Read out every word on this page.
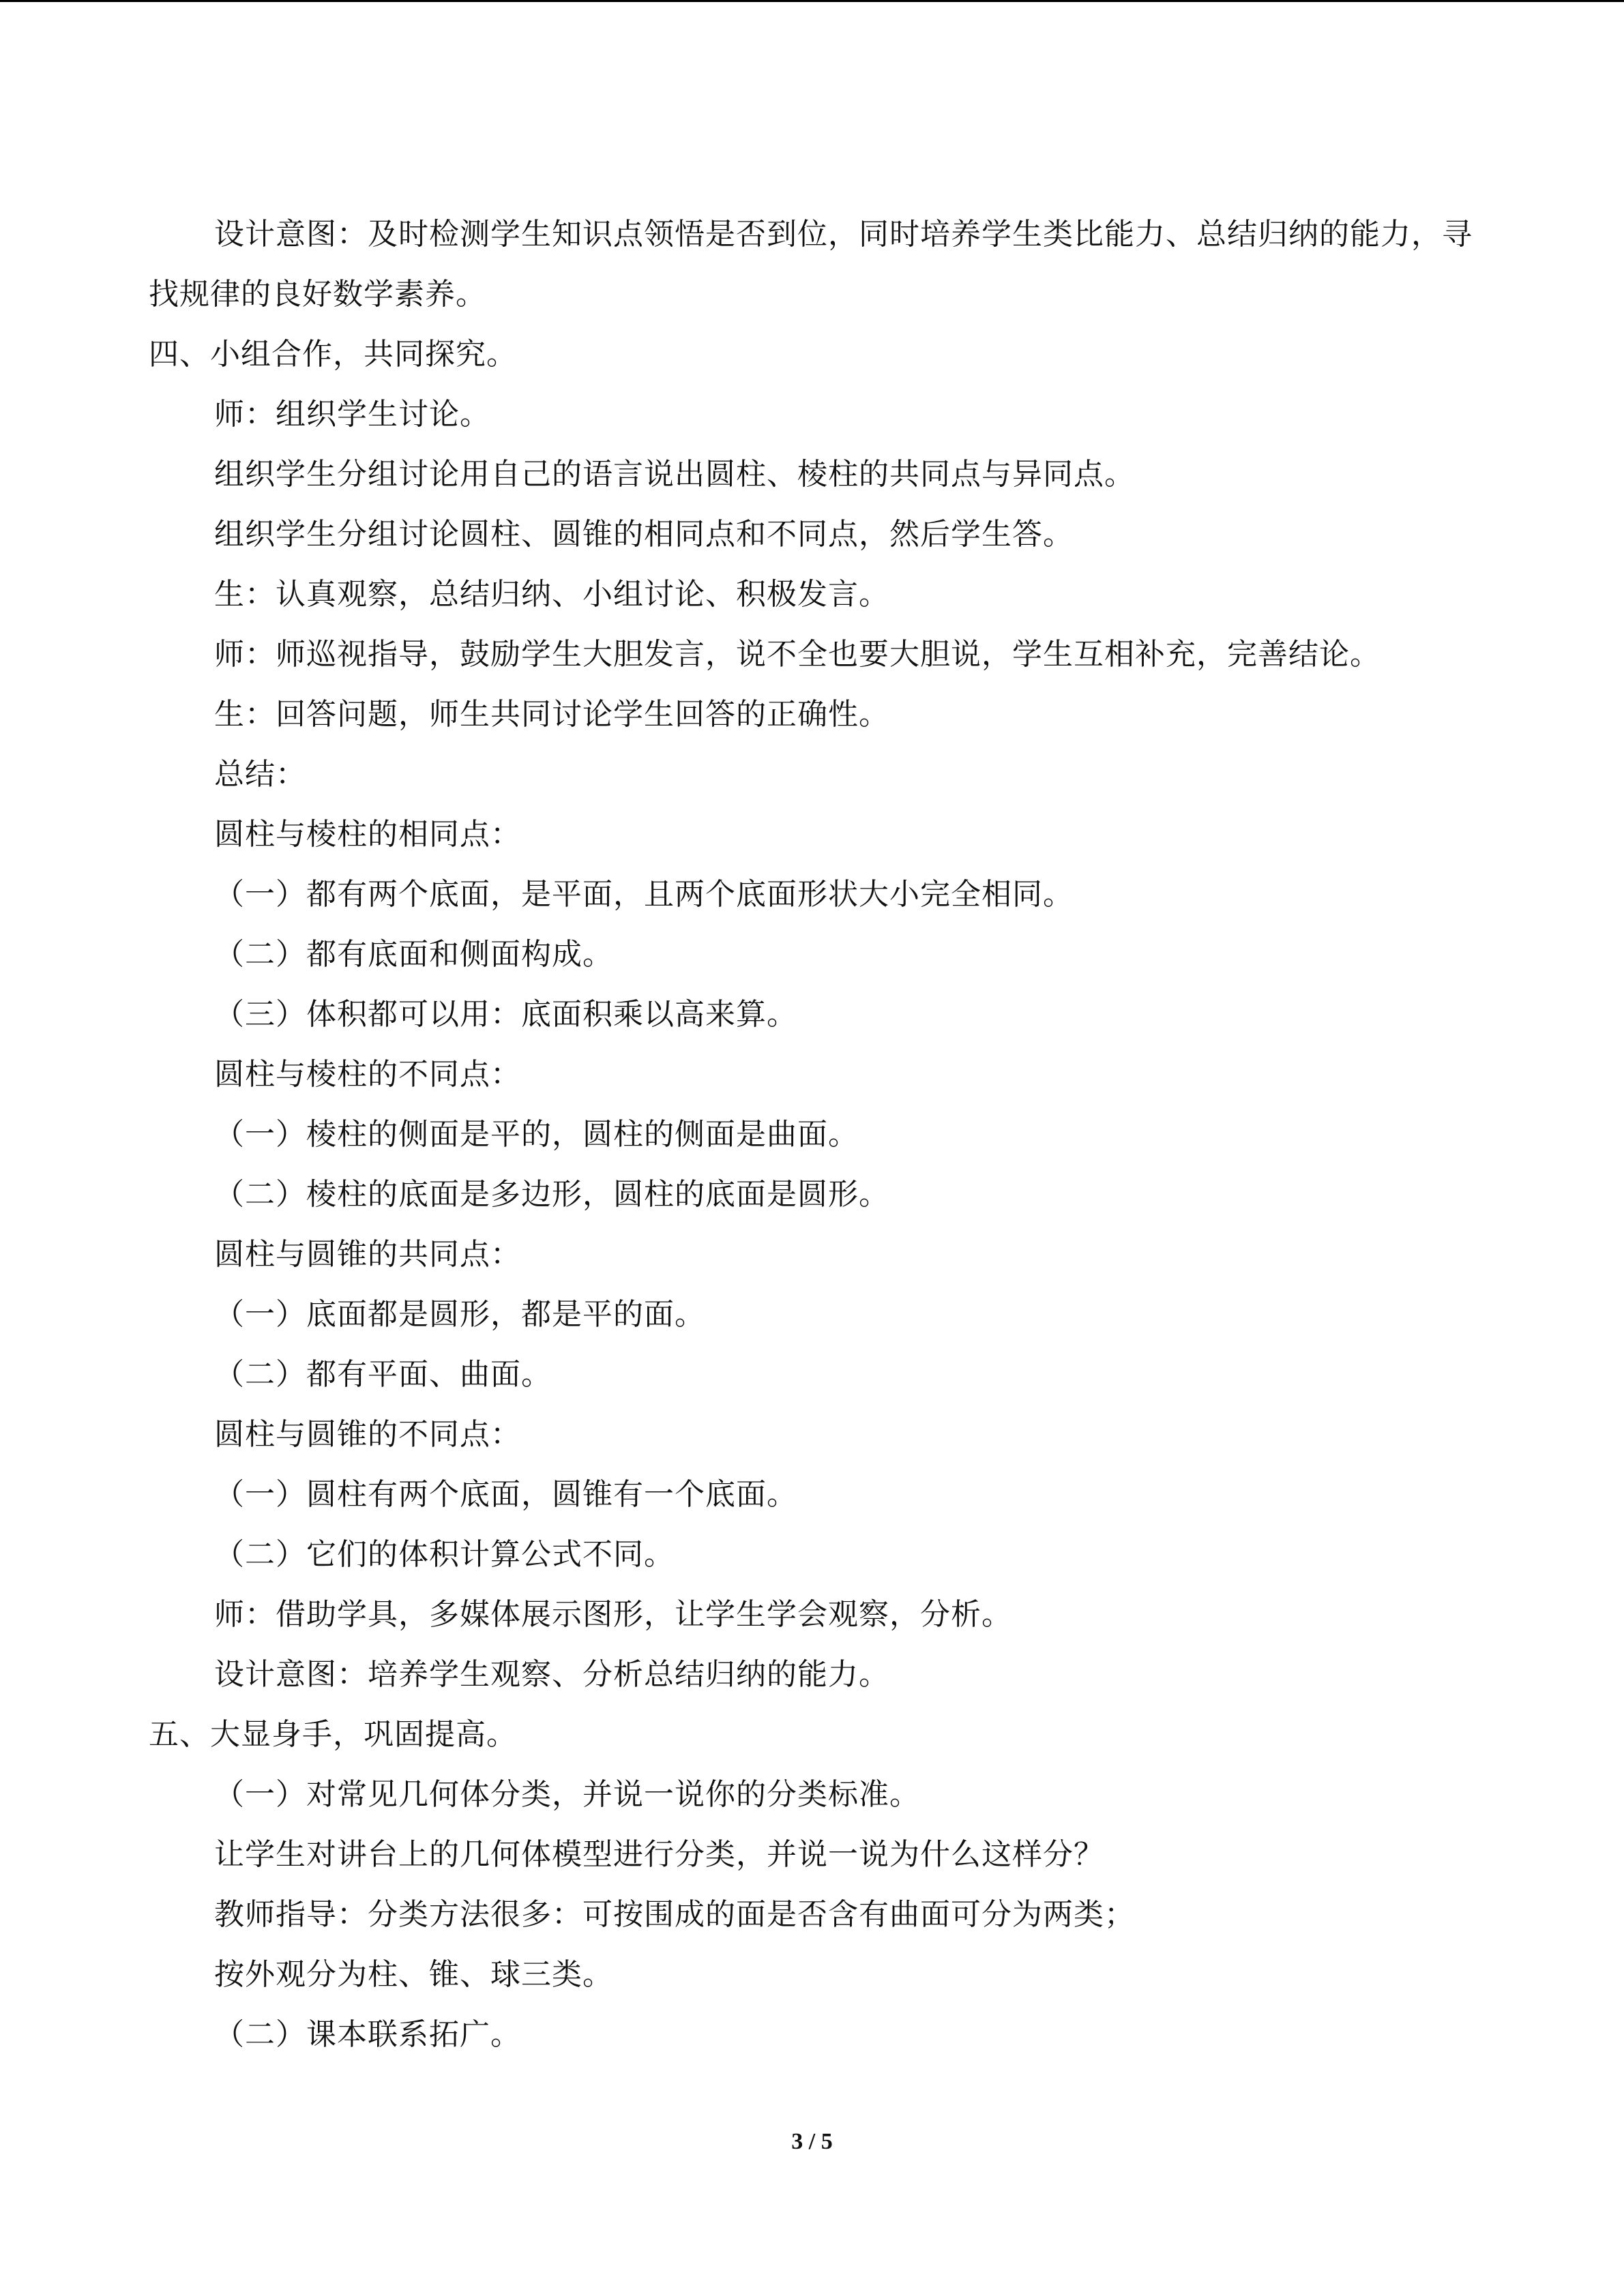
设计意图：及时检测学生知识点领悟是否到位，同时培养学生类比能力、总结归纳的能力，寻找规律的良好数学素养。
四、小组合作，共同探究。
师：组织学生讨论。
组织学生分组讨论用自己的语言说出圆柱、棱柱的共同点与异同点。
组织学生分组讨论圆柱、圆锥的相同点和不同点，然后学生答。
生：认真观察，总结归纳、小组讨论、积极发言。
师：师巡视指导，鼓励学生大胆发言，说不全也要大胆说，学生互相补充，完善结论。
生：回答问题，师生共同讨论学生回答的正确性。
总结：
圆柱与棱柱的相同点：
（一）都有两个底面，是平面，且两个底面形状大小完全相同。
（二）都有底面和侧面构成。
（三）体积都可以用：底面积乘以高来算。
圆柱与棱柱的不同点：
（一）棱柱的侧面是平的，圆柱的侧面是曲面。
（二）棱柱的底面是多边形，圆柱的底面是圆形。
圆柱与圆锥的共同点：
（一）底面都是圆形，都是平的面。
（二）都有平面、曲面。
圆柱与圆锥的不同点：
（一）圆柱有两个底面，圆锥有一个底面。
（二）它们的体积计算公式不同。
师：借助学具，多媒体展示图形，让学生学会观察，分析。
设计意图：培养学生观察、分析总结归纳的能力。
五、大显身手，巩固提高。
（一）对常见几何体分类，并说一说你的分类标准。
让学生对讲台上的几何体模型进行分类，并说一说为什么这样分？
教师指导：分类方法很多：可按围成的面是否含有曲面可分为两类；
按外观分为柱、锥、球三类。
（二）课本联系拓广。
3 / 5
